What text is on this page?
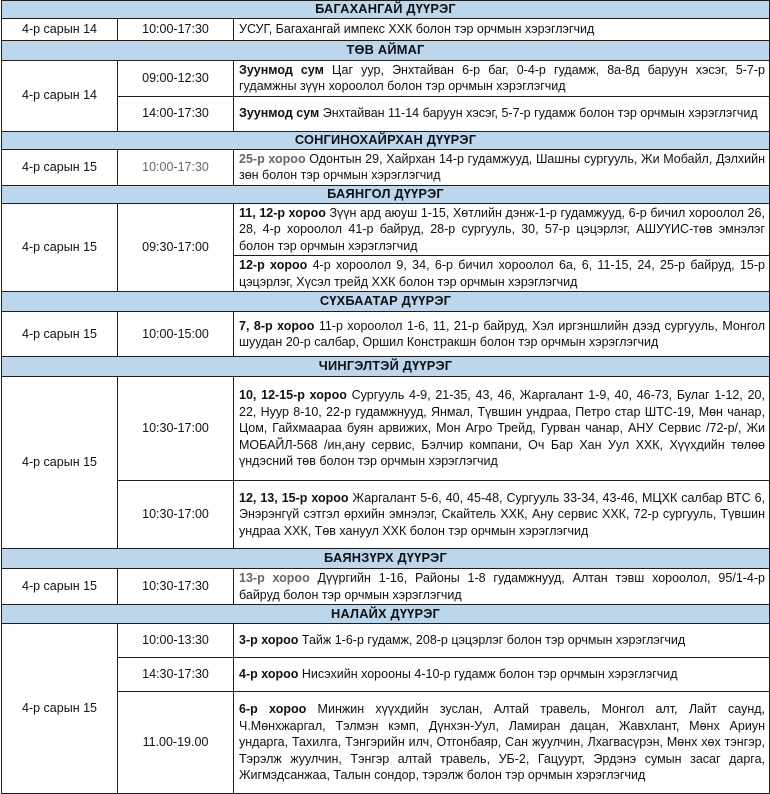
БАГАХАНГАЙ ДҮҮРЭГ		
4-р сарын 14	10:00-17:30	УСУГ, Багахангай импекс ХХК болон тэр орчмын хэрэглэгчид
ТӨВ АЙМАГ		
4-р сарын 14	09:00-12:30	Зуунмод сум Цаг уур, Энхтайван 6-р баг, 0-4-р гудамж, 8а-8д баруун хэсэг, 5-7-р гудамжны зүүн хороолол болон тэр орчмын хэрэглэгчид
	14:00-17:30	Зуунмод сум Энхтайван 11-14 баруун хэсэг, 5-7-р гудамж болон тэр орчмын хэрэглэгчид
СОНГИНОХАЙРХАН ДҮҮРЭГ		
4-р сарын 15	10:00-17:30	25-р хороо Одонтын 29, Хайрхан 14-р гудамжууд, Шашны сургууль, Жи Мобайл, Дэлхийн зөн болон тэр орчмын хэрэглэгчид
БАЯНГОЛ ДҮҮРЭГ		
4-р сарын 15	09:30-17:00	11, 12-р хороо Зүүн ард аюуш 1-15, Хөтлийн дэнж-1-р гудамжууд, 6-р бичил хороолол 26, 28, 4-р хороолол 41-р байруд, 28-р сургууль, 30, 57-р цэцэрлэг, АШУҮИС-төв эмнэлэг болон тэр орчмын хэрэглэгчид
		12-р хороо 4-р хороолол 9, 34, 6-р бичил хороолол 6а, 6, 11-15, 24, 25-р байруд, 15-р цэцэрлэг, Хүсэл трейд ХХК болон тэр орчмын хэрэглэгчид
СҮХБААТАР ДҮҮРЭГ		
4-р сарын 15	10:00-15:00	7, 8-р хороо 11-р хороолол 1-6, 11, 21-р байруд, Хэл иргэншлийн дээд сургууль, Монгол шуудан 20-р салбар, Оршил Констракшн болон тэр орчмын хэрэглэгчид
ЧИНГЭЛТЭЙ ДҮҮРЭГ		
4-р сарын 15	10:30-17:00	10, 12-15-р хороо Сургууль 4-9, 21-35, 43, 46, Жаргалант 1-9, 40, 46-73, Булаг 1-12, 20, 22, Нуур 8-10, 22-р гудамжнууд, Янмал, Түвшин ундраа, Петро стар ШТС-19, Мөн чанар, Цом, Гайхмаараа буян арвижих, Мон Агро Трейд, Гурван чанар, АНУ Сервис /72-р/, Жи МОБАЙЛ-568 /ин,ану сервис, Бэлчир компани, Оч Бар Хан Уул ХХК, Хүүхдийн төлөө үндэсний төв болон тэр орчмын хэрэглэгчид
	10:30-17:00	12, 13, 15-р хороо Жаргалант 5-6, 40, 45-48, Сургууль 33-34, 43-46, МЦХК салбар ВТС 6, Энэрэнгүй сэтгэл өрхийн эмнэлэг, Скайтель ХХК, Ану сервис ХХК, 72-р сургууль, Түвшин ундраа ХХК, Төв хануул ХХК болон тэр орчмын хэрэглэгчид
БАЯНЗҮРХ ДҮҮРЭГ		
4-р сарын 15	10:30-17:30	13-р хороо Дүүргийн 1-16, Районы 1-8 гудамжнууд, Алтан тэвш хороолол, 95/1-4-р байруд болон тэр орчмын хэрэглэгчид
НАЛАЙХ ДҮҮРЭГ		
4-р сарын 15	10:00-13:30	3-р хороо Тайж 1-6-р гудамж, 208-р цэцэрлэг болон тэр орчмын хэрэглэгчид
	14:30-17:30	4-р хороо Нисэхийн хорооны 4-10-р гудамж болон тэр орчмын хэрэглэгчид
	11.00-19.00	6-р хороо Минжин хүүхдийн зуслан, Алтай травель, Монгол алт, Лайт саунд, Ч.Мөнхжаргал, Тэлмэн кэмп, Дүнхэн-Уул, Ламиран дацан, Жавхлант, Мөнх Ариун ундарга, Тахилга, Тэнгэрийн илч, Отгонбаяр, Сан жуулчин, Лхагвасүрэн, Мөнх хөх тэнгэр, Тэрэлж жуулчин, Тэнгэр алтай травель, УБ-2, Гацуурт, Эрдэнэ сумын засаг дарга, Жигмэдсанжаа, Талын сондор, тэрэлж болон тэр орчмын хэрэглэгчид
